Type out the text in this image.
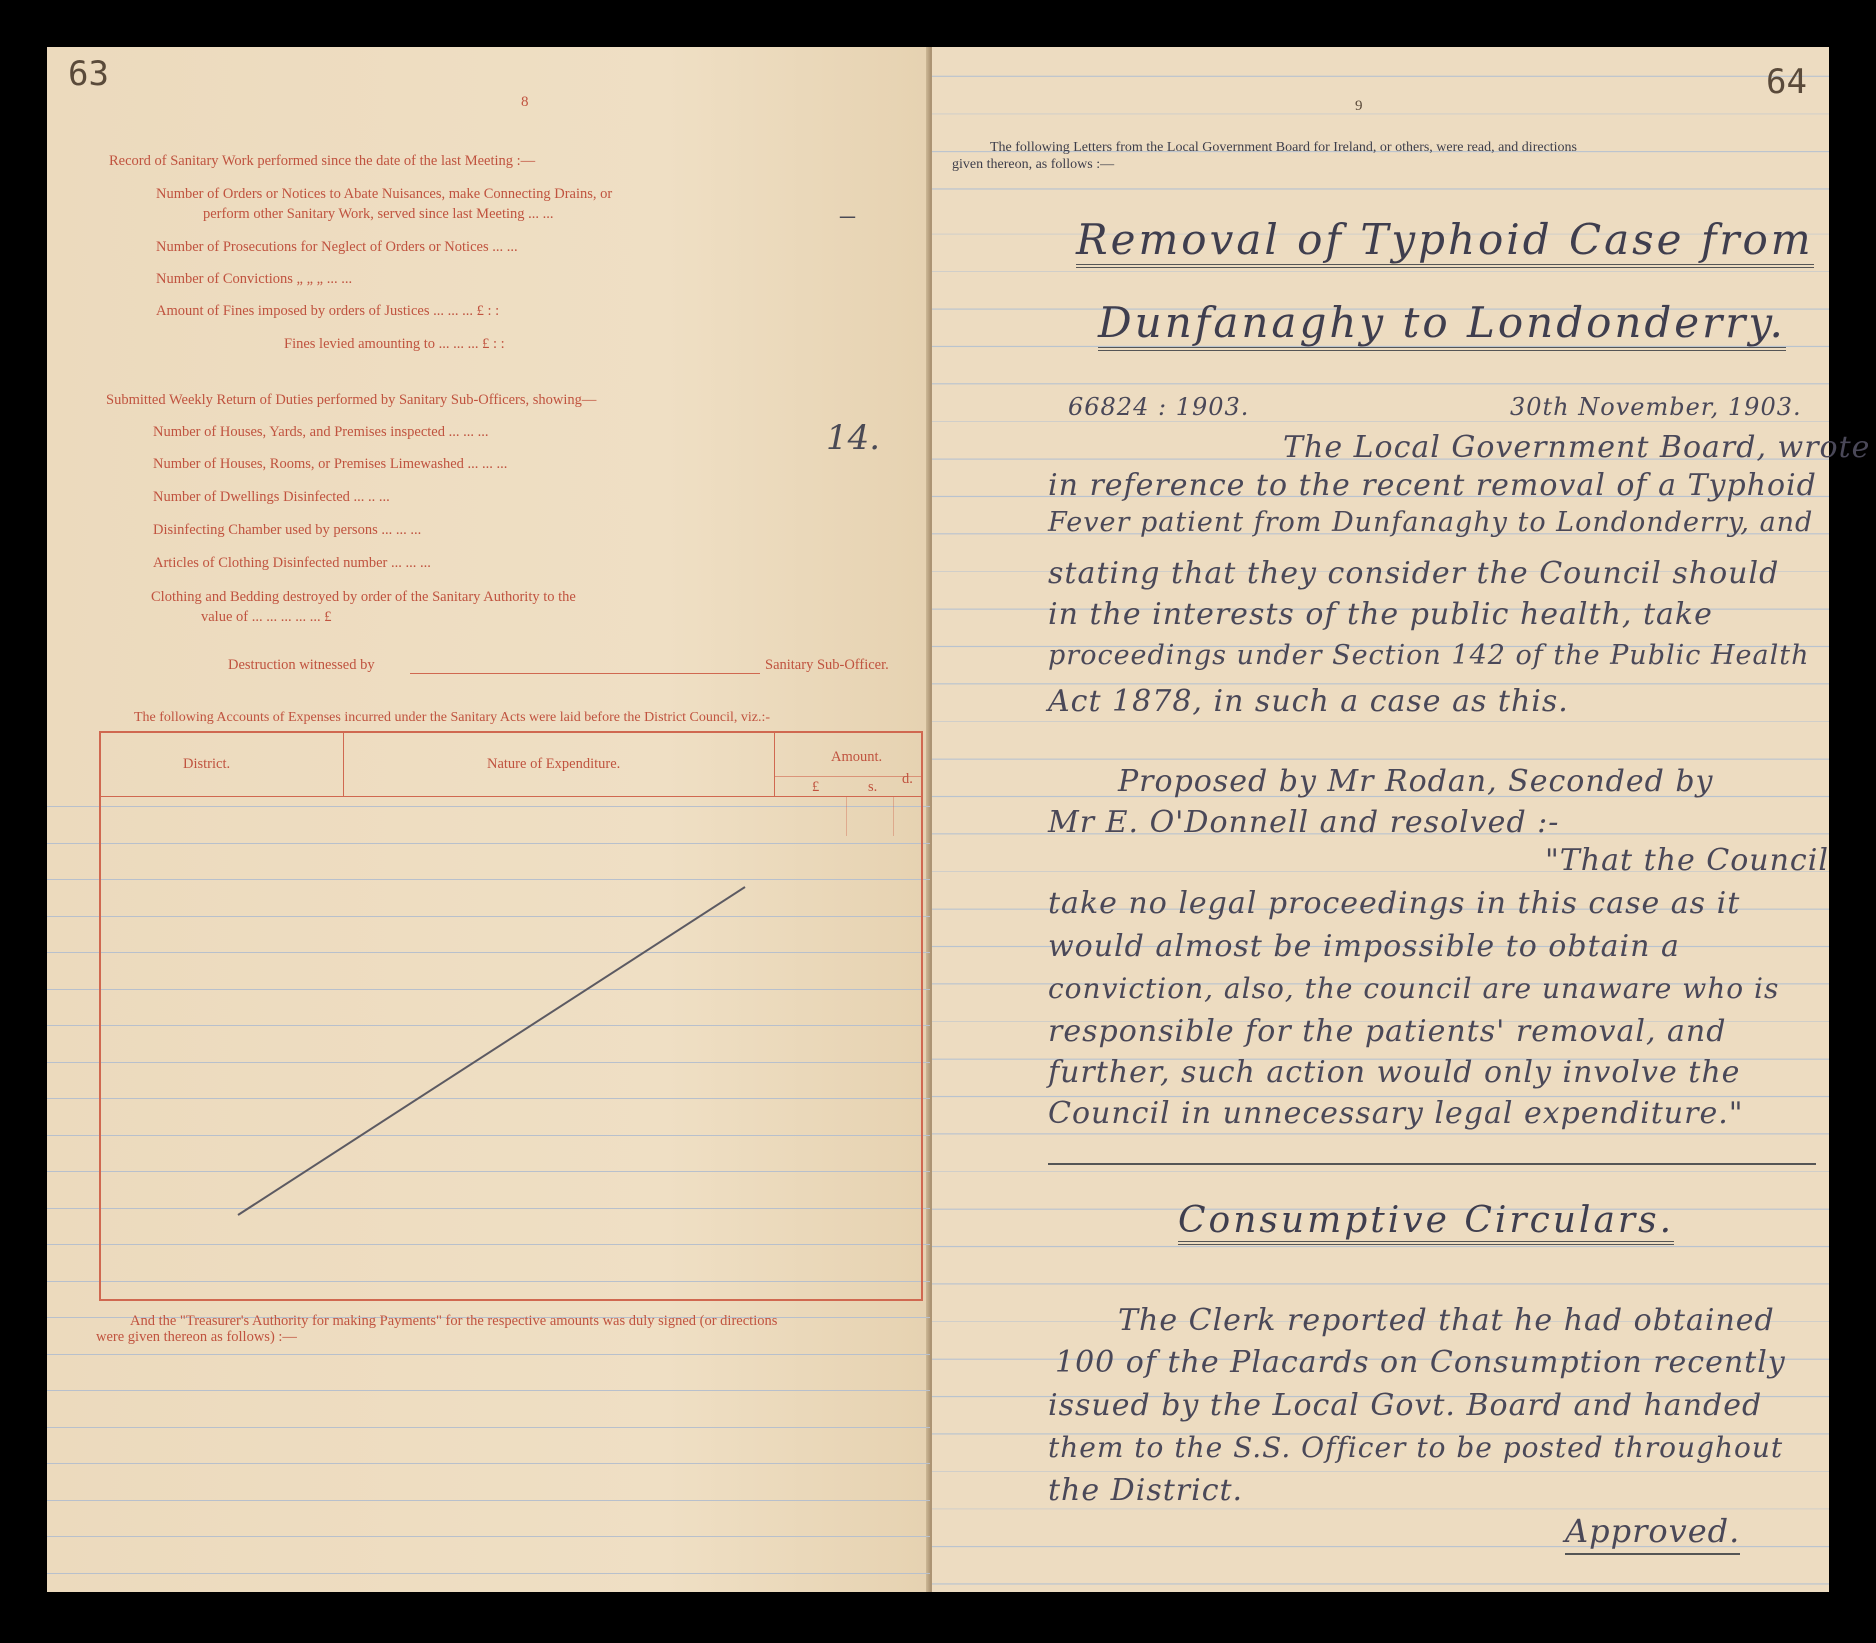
63
8
Record of Sanitary Work performed since the date of the last Meeting :—
Number of Orders or Notices to Abate Nuisances, make Connecting Drains, or
perform other Sanitary Work, served since last Meeting ... ...	–
Number of Prosecutions for Neglect of Orders or Notices ... ...
Number of Convictions „ „ „ ... ...
Amount of Fines imposed by orders of Justices ... ... ... £ : :
Fines levied amounting to ... ... ... £ : :
Submitted Weekly Return of Duties performed by Sanitary Sub-Officers, showing—
Number of Houses, Yards, and Premises inspected ... ... ...	14.
Number of Houses, Rooms, or Premises Limewashed ... ... ...
Number of Dwellings Disinfected ... .. ...
Disinfecting Chamber used by persons ... ... ...
Articles of Clothing Disinfected number ... ... ...
Clothing and Bedding destroyed by order of the Sanitary Authority to the
value of ... ... ... ... ... £
Destruction witnessed by	Sanitary Sub-Officer.
The following Accounts of Expenses incurred under the Sanitary Acts were laid before the District Council, viz.:-
District.	Nature of Expenditure.	Amount.
£	s. d.
And the "Treasurer's Authority for making Payments" for the respective amounts was duly signed (or directions
were given thereon as follows) :—
64
9
The following Letters from the Local Government Board for Ireland, or others, were read, and directions
given thereon, as follows :—
Removal of Typhoid Case from
Dunfanaghy to Londonderry.
66824 : 1903.	30th November, 1903.
The Local Government Board, wrote
in reference to the recent removal of a Typhoid
Fever patient from Dunfanaghy to Londonderry, and
stating that they consider the Council should
in the interests of the public health, take
proceedings under Section 142 of the Public Health
Act 1878, in such a case as this.
Proposed by Mr Rodan, Seconded by
Mr E. O'Donnell and resolved :-
"That the Council
take no legal proceedings in this case as it
would almost be impossible to obtain a
conviction, also, the council are unaware who is
responsible for the patients' removal, and
further, such action would only involve the
Council in unnecessary legal expenditure."
Consumptive Circulars.
The Clerk reported that he had obtained
100 of the Placards on Consumption recently
issued by the Local Govt. Board and handed
them to the S.S. Officer to be posted throughout
the District.
Approved.
